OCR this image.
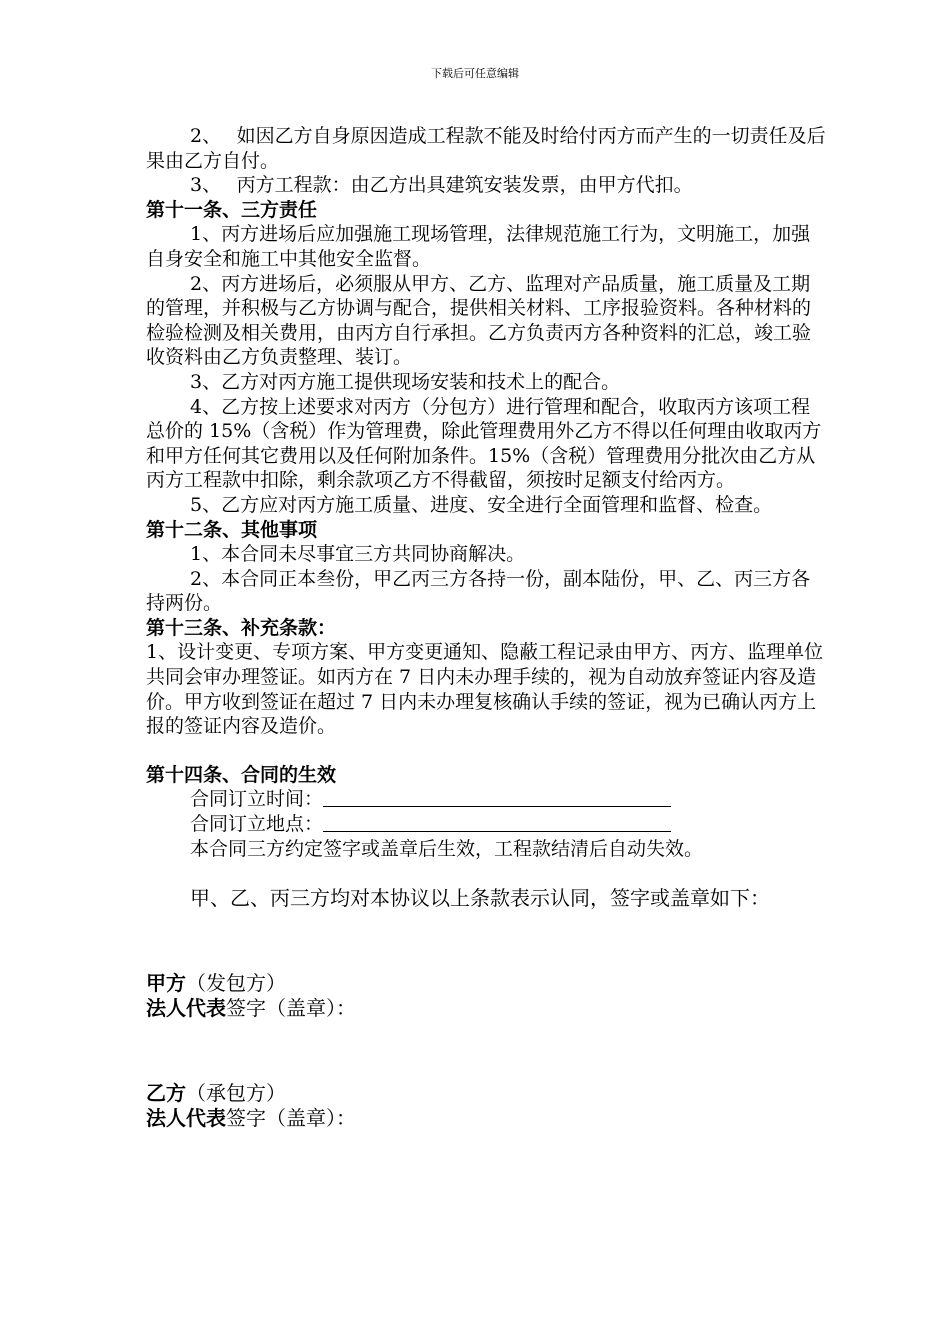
下载后可任意编辑

2、　 如因乙方自身原因造成工程款不能及时给付丙方而产生的一切责任及后果由乙方自付。

3、　 丙方工程款：由乙方出具建筑安装发票，由甲方代扣。

第十一条、三方责任

1、丙方进场后应加强施工现场管理，法律规范施工行为，文明施工，加强自身安全和施工中其他安全监督。

2、丙方进场后，必须服从甲方、乙方、监理对产品质量，施工质量及工期的管理，并积极与乙方协调与配合，提供相关材料、工序报验资料。各种材料的检验检测及相关费用，由丙方自行承担。乙方负责丙方各种资料的汇总，竣工验收资料由乙方负责整理、装订。

3、乙方对丙方施工提供现场安装和技术上的配合。

4、乙方按上述要求对丙方（分包方）进行管理和配合，收取丙方该项工程总价的 15%（含税）作为管理费，除此管理费用外乙方不得以任何理由收取丙方和甲方任何其它费用以及任何附加条件。15%（含税）管理费用分批次由乙方从丙方工程款中扣除，剩余款项乙方不得截留，须按时足额支付给丙方。

5、乙方应对丙方施工质量、进度、安全进行全面管理和监督、检查。

第十二条、其他事项

1、本合同未尽事宜三方共同协商解决。

2、本合同正本叁份，甲乙丙三方各持一份，副本陆份，甲、乙、丙三方各持两份。

第十三条、补充条款：

1、设计变更、专项方案、甲方变更通知、隐蔽工程记录由甲方、丙方、监理单位共同会审办理签证。如丙方在 7 日内未办理手续的，视为自动放弃签证内容及造价。甲方收到签证在超过 7 日内未办理复核确认手续的签证，视为已确认丙方上报的签证内容及造价。

第十四条、合同的生效

合同订立时间：

合同订立地点：

本合同三方约定签字或盖章后生效，工程款结清后自动失效。

甲、乙、丙三方均对本协议以上条款表示认同，签字或盖章如下：

甲方（发包方）

法人代表签字（盖章）：

乙方（承包方）

法人代表签字（盖章）：
